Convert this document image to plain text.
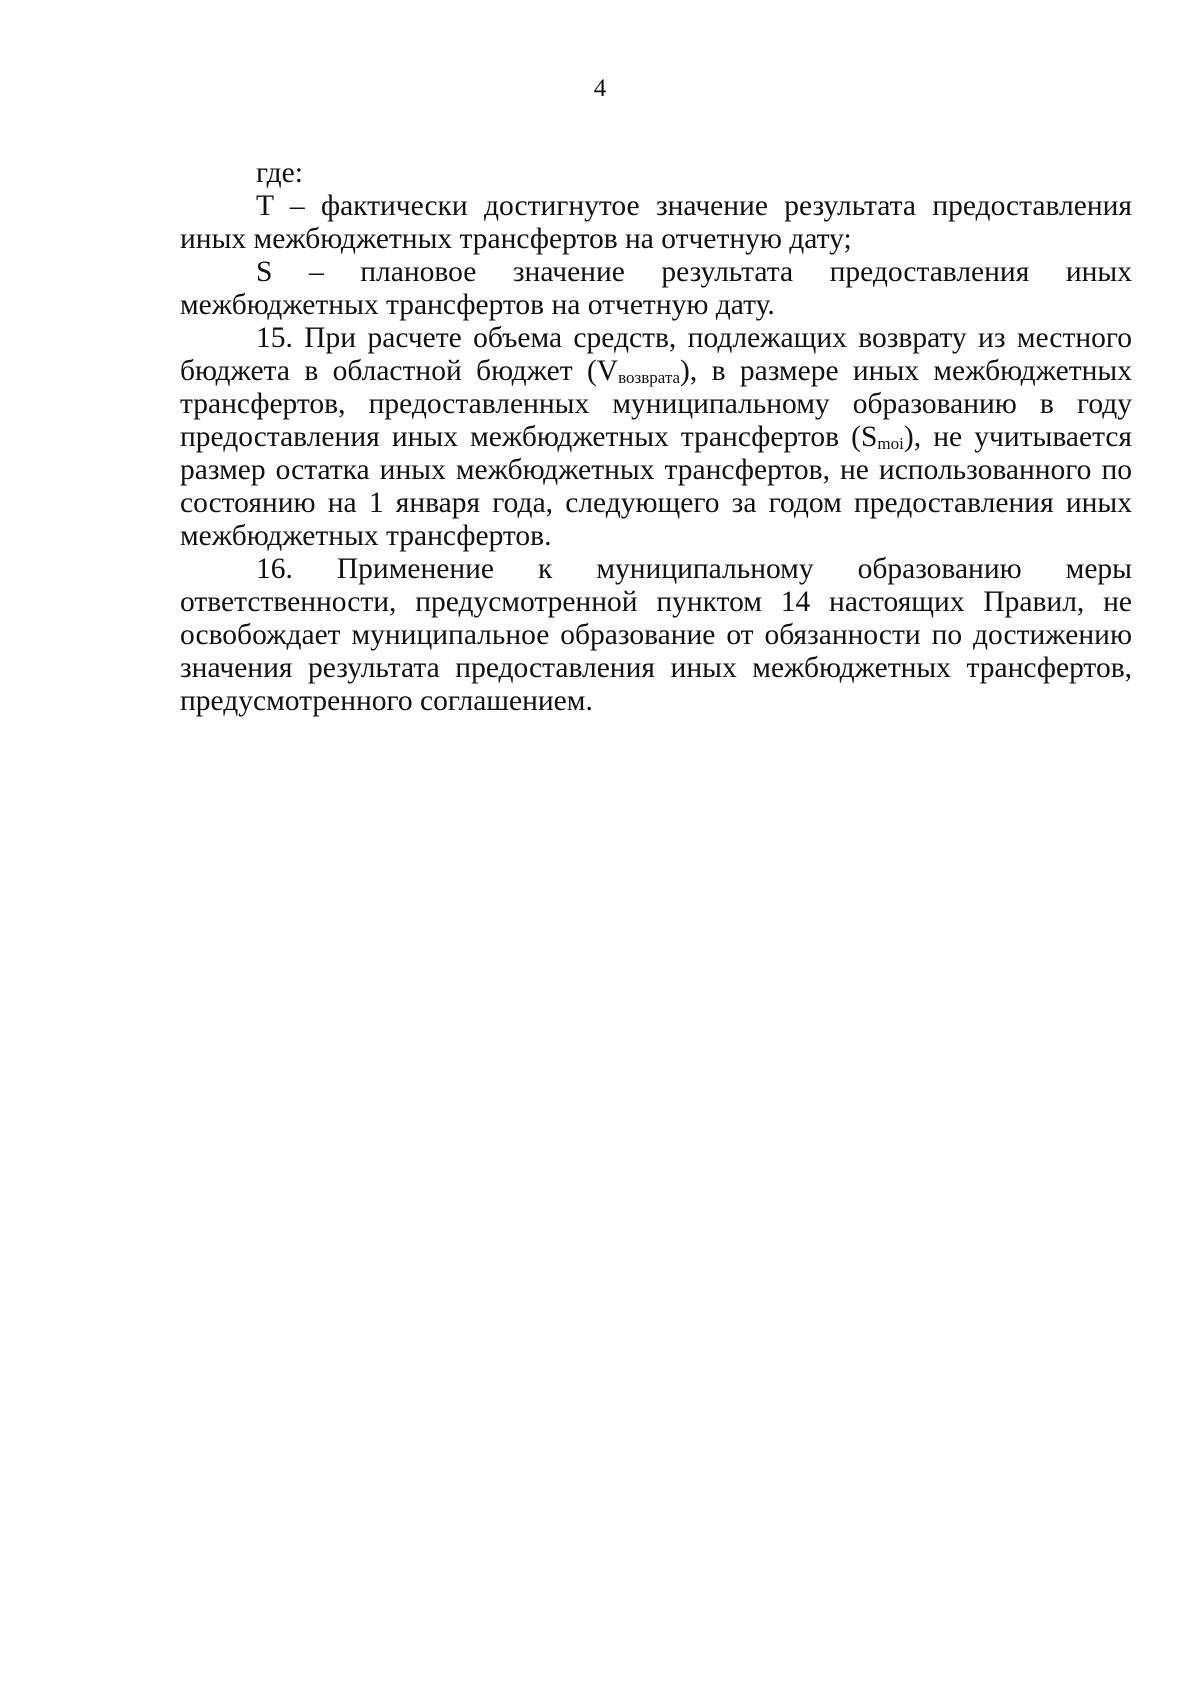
4

где:

T – фактически достигнутое значение результата предоставления иных межбюджетных трансфертов на отчетную дату;

S – плановое значение результата предоставления иных межбюджетных трансфертов на отчетную дату.

15. При расчете объема средств, подлежащих возврату из местного бюджета в областной бюджет $(V_{возврата})$, в размере иных межбюджетных трансфертов, предоставленных муниципальному образованию в году предоставления иных межбюджетных трансфертов $(S_{moi})$, не учитывается размер остатка иных межбюджетных трансфертов, не использованного по состоянию на 1 января года, следующего за годом предоставления иных межбюджетных трансфертов.

16. Применение к муниципальному образованию меры ответственности, предусмотренной пунктом 14 настоящих Правил, не освобождает муниципальное образование от обязанности по достижению значения результата предоставления иных межбюджетных трансфертов, предусмотренного соглашением.
